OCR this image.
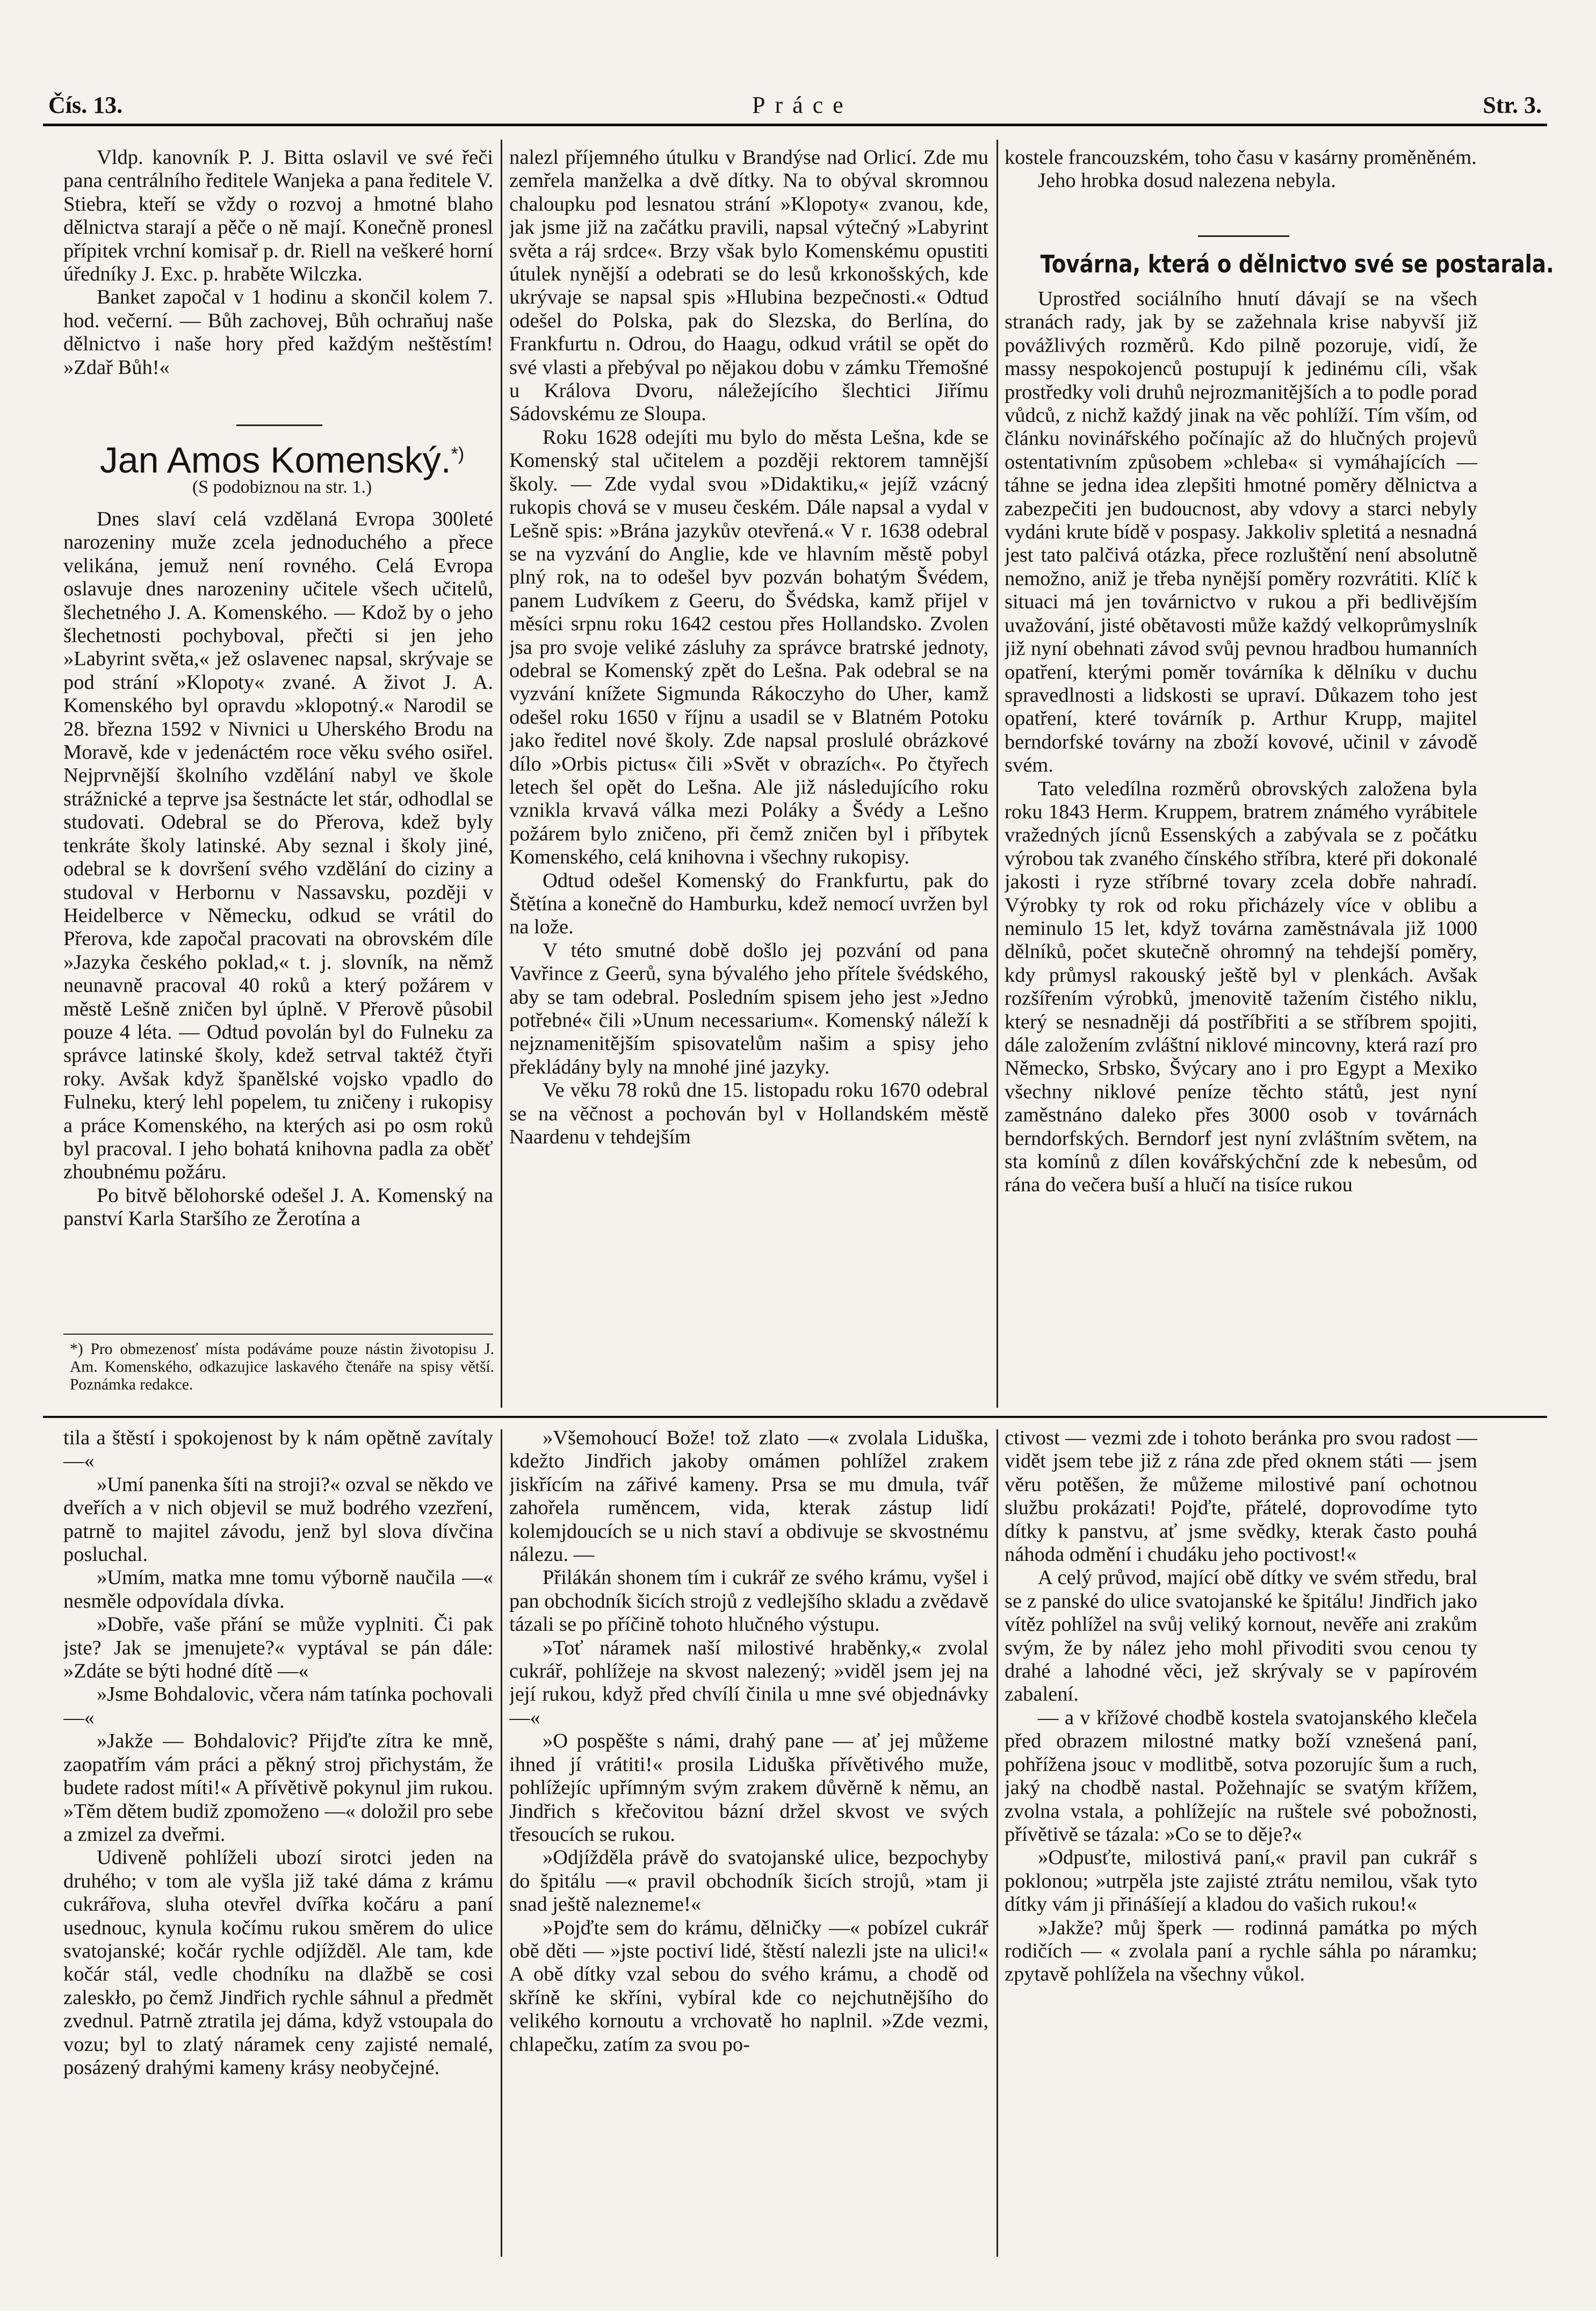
Čís. 13.	Práce	Str. 3.

Vldp. kanovník P. J. Bitta oslavil ve své řeči pana centrálního ředitele Wanjeka a pana ředitele V. Stiebra, kteří se vždy o rozvoj a hmotné blaho dělnictva starají a pěče o ně mají. Konečně pronesl přípitek vrchní komisař p. dr. Riell na veškeré horní úředníky J. Exc. p. hraběte Wilczka.

Banket započal v 1 hodinu a skončil kolem 7. hod. večerní. — Bůh zachovej, Bůh ochraňuj naše dělnictvo i naše hory před každým neštěstím! »Zdař Bůh!«

Jan Amos Komenský.*)
(S podobiznou na str. 1.)

Dnes slaví celá vzdělaná Evropa 300leté narozeniny muže zcela jednoduchého a přece velikána, jemuž není rovného. Celá Evropa oslavuje dnes narozeniny učitele všech učitelů, šlechetného J. A. Komenského. — Kdož by o jeho šlechetnosti pochyboval, přečti si jen jeho »Labyrint světa,« jež oslavenec napsal, skrývaje se pod strání »Klopoty« zvané. A život J. A. Komenského byl opravdu »klopotný.« Narodil se 28. března 1592 v Nivnici u Uherského Brodu na Moravě, kde v jedenáctém roce věku svého osiřel. Nejprvnější školního vzdělání nabyl ve škole strážnické a teprve jsa šestnácte let stár, odhodlal se studovati. Odebral se do Přerova, kdež byly tenkráte školy latinské. Aby seznal i školy jiné, odebral se k dovršení svého vzdělání do ciziny a studoval v Herbornu v Nassavsku, později v Heidelberce v Německu, odkud se vrátil do Přerova, kde započal pracovati na obrovském díle »Jazyka českého poklad,« t. j. slovník, na němž neunavně pracoval 40 roků a který požárem v městě Lešně zničen byl úplně. V Přerově působil pouze 4 léta. — Odtud povolán byl do Fulneku za správce latinské školy, kdež setrval taktéž čtyři roky. Avšak když španělské vojsko vpadlo do Fulneku, který lehl popelem, tu zničeny i rukopisy a práce Komenského, na kterých asi po osm roků byl pracoval. I jeho bohatá knihovna padla za oběť zhoubnému požáru.

Po bitvě bělohorské odešel J. A. Komenský na panství Karla Staršího ze Žerotína a

*) Pro obmezenosť místa podáváme pouze nástin životopisu J. Am. Komenského, odkazujice laskavého čtenáře na spisy větší. Poznámka redakce.

nalezl příjemného útulku v Brandýse nad Orlicí. Zde mu zemřela manželka a dvě dítky. Na to obýval skromnou chaloupku pod lesnatou strání »Klopoty« zvanou, kde, jak jsme již na začátku pravili, napsal výtečný »Labyrint světa a ráj srdce«. Brzy však bylo Komenskému opustiti útulek nynější a odebrati se do lesů krkonošských, kde ukrývaje se napsal spis »Hlubina bezpečnosti.« Odtud odešel do Polska, pak do Slezska, do Berlína, do Frankfurtu n. Odrou, do Haagu, odkud vrátil se opět do své vlasti a přebýval po nějakou dobu v zámku Třemošné u Králova Dvoru, náležejícího šlechtici Jiřímu Sádovskému ze Sloupa.

Roku 1628 odejíti mu bylo do města Lešna, kde se Komenský stal učitelem a později rektorem tamnější školy. — Zde vydal svou »Didaktiku,« jejíž vzácný rukopis chová se v museu českém. Dále napsal a vydal v Lešně spis: »Brána jazykův otevřená.« V r. 1638 odebral se na vyzvání do Anglie, kde ve hlavním městě pobyl plný rok, na to odešel byv pozván bohatým Švédem, panem Ludvíkem z Geeru, do Švédska, kamž přijel v měsíci srpnu roku 1642 cestou přes Hollandsko. Zvolen jsa pro svoje veliké zásluhy za správce bratrské jednoty, odebral se Komenský zpět do Lešna. Pak odebral se na vyzvání knížete Sigmunda Rákoczyho do Uher, kamž odešel roku 1650 v říjnu a usadil se v Blatném Potoku jako ředitel nové školy. Zde napsal proslulé obrázkové dílo »Orbis pictus« čili »Svět v obrazích«. Po čtyřech letech šel opět do Lešna. Ale již následujícího roku vznikla krvavá válka mezi Poláky a Švédy a Lešno požárem bylo zničeno, při čemž zničen byl i příbytek Komenského, celá knihovna i všechny rukopisy.

Odtud odešel Komenský do Frankfurtu, pak do Štětína a konečně do Hamburku, kdež nemocí uvržen byl na lože.

V této smutné době došlo jej pozvání od pana Vavřince z Geerů, syna bývalého jeho přítele švédského, aby se tam odebral. Posledním spisem jeho jest »Jedno potřebné« čili »Unum necessarium«. Komenský náleží k nejznamenitějším spisovatelům našim a spisy jeho překládány byly na mnohé jiné jazyky.

Ve věku 78 roků dne 15. listopadu roku 1670 odebral se na věčnost a pochován byl v Hollandském městě Naardenu v tehdejším

kostele francouzském, toho času v kasárny proměněném.

Jeho hrobka dosud nalezena nebyla.

Továrna, která o dělnictvo své se postarala.

Uprostřed sociálního hnutí dávají se na všech stranách rady, jak by se zažehnala krise nabyvší již povážlivých rozměrů. Kdo pilně pozoruje, vidí, že massy nespokojenců postupují k jedinému cíli, však prostředky voli druhů nejrozmanitějších a to podle porad vůdců, z nichž každý jinak na věc pohlíží. Tím vším, od článku novinářského počínajíc až do hlučných projevů ostentativním způsobem »chleba« si vymáhajících — táhne se jedna idea zlepšiti hmotné poměry dělnictva a zabezpečiti jen budoucnost, aby vdovy a starci nebyly vydáni krute bídě v pospasy. Jakkoliv spletitá a nesnadná jest tato palčivá otázka, přece rozluštění není absolutně nemožno, aniž je třeba nynější poměry rozvrátiti. Klíč k situaci má jen továrnictvo v rukou a při bedlivějším uvažování, jisté obětavosti může každý velkoprůmyslník již nyní obehnati závod svůj pevnou hradbou humanních opatření, kterými poměr továrníka k dělníku v duchu spravedlnosti a lidskosti se upraví. Důkazem toho jest opatření, které továrník p. Arthur Krupp, majitel berndorfské továrny na zboží kovové, učinil v závodě svém.

Tato veledílna rozměrů obrovských založena byla roku 1843 Herm. Kruppem, bratrem známého vyrábitele vražedných jícnů Essenských a zabývala se z počátku výrobou tak zvaného čínského stříbra, které při dokonalé jakosti i ryze stříbrné tovary zcela dobře nahradí. Výrobky ty rok od roku přicházely více v oblibu a neminulo 15 let, když továrna zaměstnávala již 1000 dělníků, počet skutečně ohromný na tehdejší poměry, kdy průmysl rakouský ještě byl v plenkách. Avšak rozšířením výrobků, jmenovitě tažením čistého niklu, který se nesnadněji dá postříbřiti a se stříbrem spojiti, dále založením zvláštní niklové mincovny, která razí pro Německo, Srbsko, Švýcary ano i pro Egypt a Mexiko všechny niklové peníze těchto států, jest nyní zaměstnáno daleko přes 3000 osob v továrnách berndorfských. Berndorf jest nyní zvláštním světem, na sta komínů z dílen kovářskýchční zde k nebesům, od rána do večera buší a hlučí na tisíce rukou

tila a štěstí i spokojenost by k nám opětně zavítaly —«

»Umí panenka šíti na stroji?« ozval se někdo ve dveřích a v nich objevil se muž bodrého vzezření, patrně to majitel závodu, jenž byl slova dívčina posluchal.

»Umím, matka mne tomu výborně naučila —« nesměle odpovídala dívka.

»Dobře, vaše přání se může vyplniti. Či pak jste? Jak se jmenujete?« vyptával se pán dále: »Zdáte se býti hodné dítě —«

»Jsme Bohdalovic, včera nám tatínka pochovali —«

»Jakže — Bohdalovic? Přijďte zítra ke mně, zaopatřím vám práci a pěkný stroj přichystám, že budete radost míti!« A přívětivě pokynul jim rukou. »Těm dětem budiž zpomoženo —« doložil pro sebe a zmizel za dveřmi.

Udiveně pohlíželi ubozí sirotci jeden na druhého; v tom ale vyšla již také dáma z krámu cukrářova, sluha otevřel dvířka kočáru a paní usednouc, kynula kočímu rukou směrem do ulice svatojanské; kočár rychle odjížděl. Ale tam, kde kočár stál, vedle chodníku na dlažbě se cosi zaleskło, po čemž Jindřich rychle sáhnul a předmět zvednul. Patrně ztratila jej dáma, když vstoupala do vozu; byl to zlatý náramek ceny zajisté nemalé, posázený drahými kameny krásy neobyčejné.

»Všemohoucí Bože! tož zlato —« zvolala Liduška, kdežto Jindřich jakoby omámen pohlížel zrakem jiskřícím na zářivé kameny. Prsa se mu dmula, tvář zahořela ruměncem, vida, kterak zástup lidí kolemjdoucích se u nich staví a obdivuje se skvostnému nálezu. —

Přilákán shonem tím i cukrář ze svého krámu, vyšel i pan obchodník šicích strojů z vedlejšího skladu a zvědavě tázali se po příčině tohoto hlučného výstupu.

»Toť náramek naší milostivé hraběnky,« zvolal cukrář, pohlížeje na skvost nalezený; »viděl jsem jej na její rukou, když před chvílí činila u mne své objednávky —«

»O pospěšte s námi, drahý pane — ať jej můžeme ihned jí vrátiti!« prosila Liduška přívětivého muže, pohlížejíc upřímným svým zrakem důvěrně k němu, an Jindřich s křečovitou bázní držel skvost ve svých třesoucích se rukou.

»Odjížděla právě do svatojanské ulice, bezpochyby do špitálu —« pravil obchodník šicích strojů, »tam ji snad ještě nalezneme!«

»Pojďte sem do krámu, dělničky —« pobízel cukrář obě děti — »jste poctiví lidé, štěstí nalezli jste na ulici!« A obě dítky vzal sebou do svého krámu, a chodě od skříně ke skříni, vybíral kde co nejchutnějšího do velikého kornoutu a vrchovatě ho naplnil. »Zde vezmi, chlapečku, zatím za svou po-

ctivost — vezmi zde i tohoto beránka pro svou radost — vidět jsem tebe již z rána zde před oknem státi — jsem věru potěšen, že můžeme milostivé paní ochotnou službu prokázati! Pojďte, přátelé, doprovodíme tyto dítky k panstvu, ať jsme svědky, kterak často pouhá náhoda odmění i chudáku jeho poctivost!«

A celý průvod, mající obě dítky ve svém středu, bral se z panské do ulice svatojanské ke špitálu! Jindřich jako vítěz pohlížel na svůj veliký kornout, nevěře ani zrakům svým, že by nález jeho mohl přivoditi svou cenou ty drahé a lahodné věci, jež skrývaly se v papírovém zabalení.

— a v křížové chodbě kostela svatojanského klečela před obrazem milostné matky boží vznešená paní, pohřížena jsouc v modlitbě, sotva pozorujíc šum a ruch, jaký na chodbě nastal. Požehnajíc se svatým křížem, zvolna vstala, a pohlížejíc na ruštele své pobožnosti, přívětivě se tázala: »Co se to děje?«

»Odpusťte, milostivá paní,« pravil pan cukrář s poklonou; »utrpěla jste zajisté ztrátu nemilou, však tyto dítky vám ji přinášíejí a kladou do vašich rukou!«

»Jakže? můj šperk — rodinná památka po mých rodičích — « zvolala paní a rychle sáhla po náramku; zpytavě pohlížela na všechny vůkol.
